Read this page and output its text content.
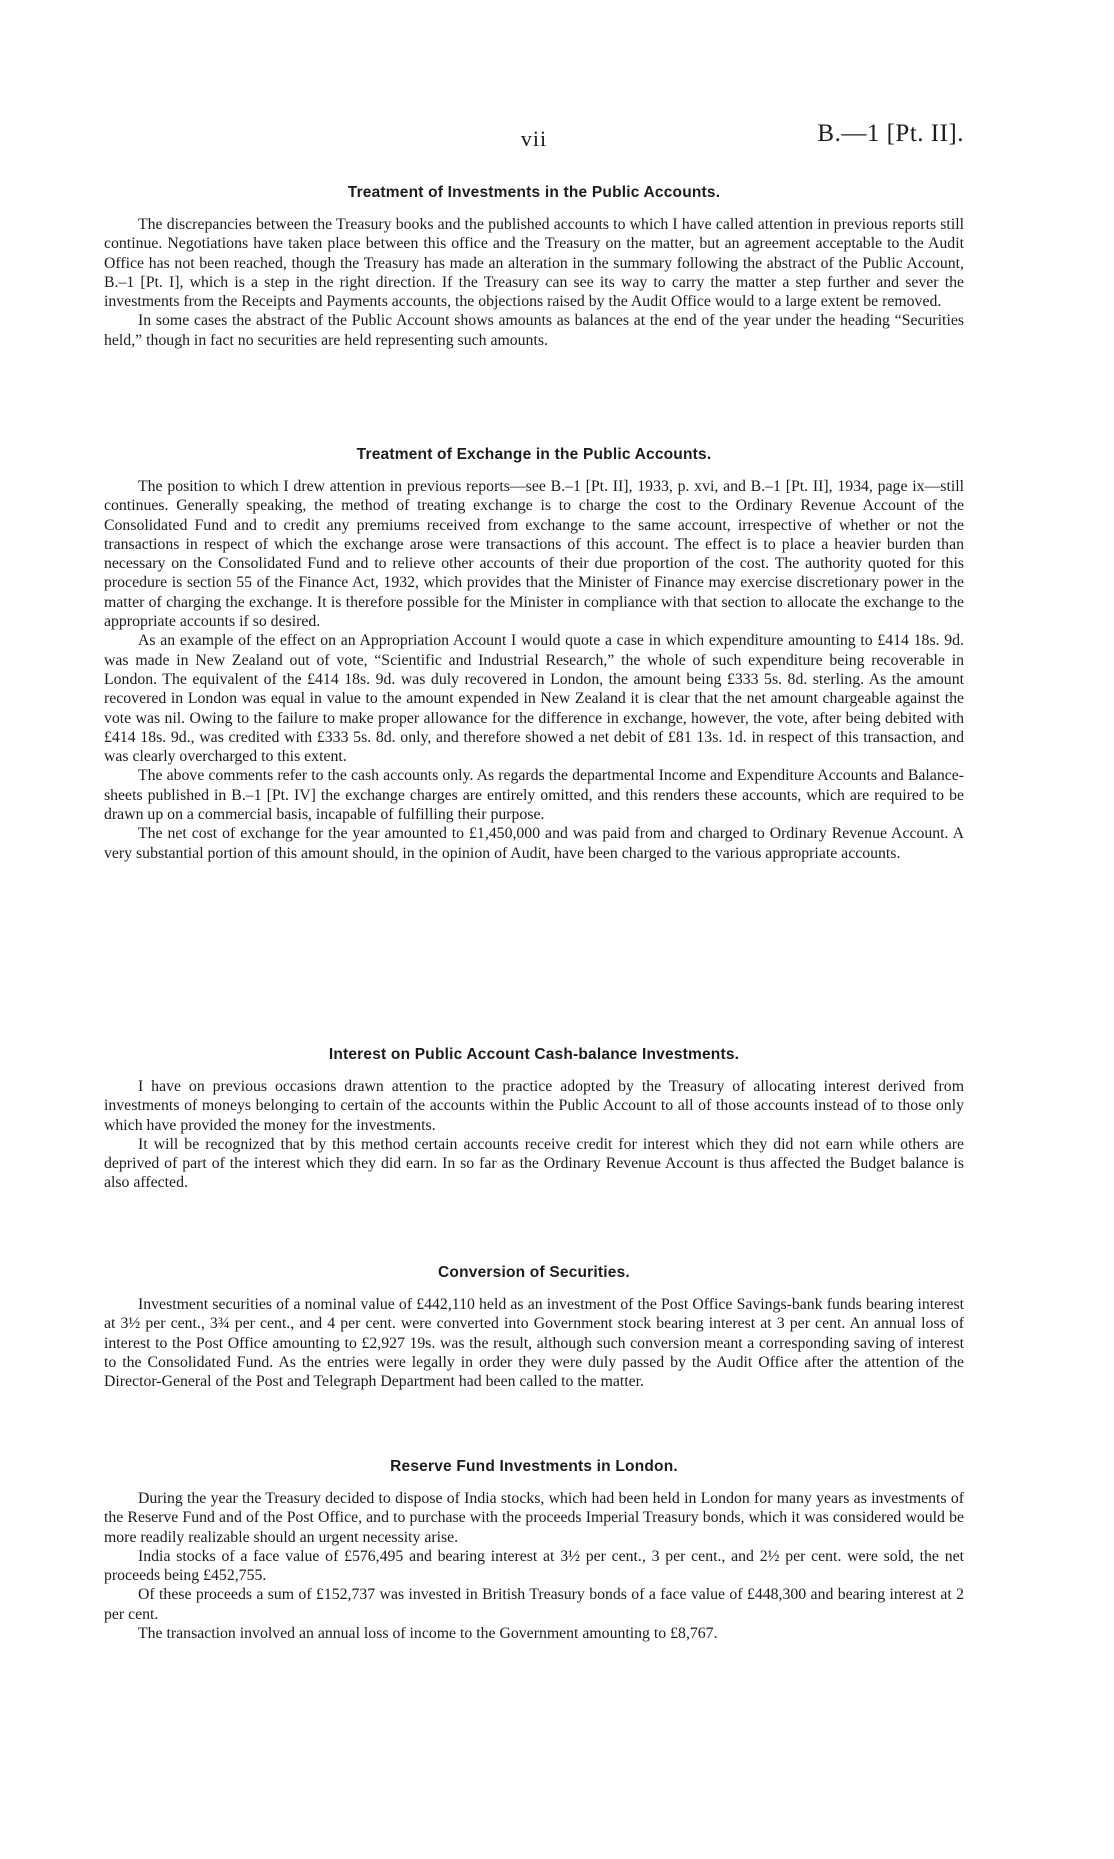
vii	B.—1 [Pt. II].
Treatment of Investments in the Public Accounts.

The discrepancies between the Treasury books and the published accounts to which I have called attention in previous reports still continue. Negotiations have taken place between this office and the Treasury on the matter, but an agreement acceptable to the Audit Office has not been reached, though the Treasury has made an alteration in the summary following the abstract of the Public Account, B.–1 [Pt. I], which is a step in the right direction. If the Treasury can see its way to carry the matter a step further and sever the investments from the Receipts and Payments accounts, the objections raised by the Audit Office would to a large extent be removed.

In some cases the abstract of the Public Account shows amounts as balances at the end of the year under the heading “Securities held,” though in fact no securities are held representing such amounts.

Treatment of Exchange in the Public Accounts.

The position to which I drew attention in previous reports—see B.–1 [Pt. II], 1933, p. xvi, and B.–1 [Pt. II], 1934, page ix—still continues. Generally speaking, the method of treating exchange is to charge the cost to the Ordinary Revenue Account of the Consolidated Fund and to credit any premiums received from exchange to the same account, irrespective of whether or not the transactions in respect of which the exchange arose were transactions of this account. The effect is to place a heavier burden than necessary on the Consolidated Fund and to relieve other accounts of their due proportion of the cost. The authority quoted for this procedure is section 55 of the Finance Act, 1932, which provides that the Minister of Finance may exercise discretionary power in the matter of charging the exchange. It is therefore possible for the Minister in compliance with that section to allocate the exchange to the appropriate accounts if so desired.

As an example of the effect on an Appropriation Account I would quote a case in which expenditure amounting to £414 18s. 9d. was made in New Zealand out of vote, “Scientific and Industrial Research,” the whole of such expenditure being recoverable in London. The equivalent of the £414 18s. 9d. was duly recovered in London, the amount being £333 5s. 8d. sterling. As the amount recovered in London was equal in value to the amount expended in New Zealand it is clear that the net amount chargeable against the vote was nil. Owing to the failure to make proper allowance for the difference in exchange, however, the vote, after being debited with £414 18s. 9d., was credited with £333 5s. 8d. only, and therefore showed a net debit of £81 13s. 1d. in respect of this transaction, and was clearly overcharged to this extent.

The above comments refer to the cash accounts only. As regards the departmental Income and Expenditure Accounts and Balance-sheets published in B.–1 [Pt. IV] the exchange charges are entirely omitted, and this renders these accounts, which are required to be drawn up on a commercial basis, incapable of fulfilling their purpose.

The net cost of exchange for the year amounted to £1,450,000 and was paid from and charged to Ordinary Revenue Account. A very substantial portion of this amount should, in the opinion of Audit, have been charged to the various appropriate accounts.

Interest on Public Account Cash-balance Investments.

I have on previous occasions drawn attention to the practice adopted by the Treasury of allocating interest derived from investments of moneys belonging to certain of the accounts within the Public Account to all of those accounts instead of to those only which have provided the money for the investments.

It will be recognized that by this method certain accounts receive credit for interest which they did not earn while others are deprived of part of the interest which they did earn. In so far as the Ordinary Revenue Account is thus affected the Budget balance is also affected.

Conversion of Securities.

Investment securities of a nominal value of £442,110 held as an investment of the Post Office Savings-bank funds bearing interest at 3½ per cent., 3¾ per cent., and 4 per cent. were converted into Government stock bearing interest at 3 per cent. An annual loss of interest to the Post Office amounting to £2,927 19s. was the result, although such conversion meant a corresponding saving of interest to the Consolidated Fund. As the entries were legally in order they were duly passed by the Audit Office after the attention of the Director-General of the Post and Telegraph Department had been called to the matter.

Reserve Fund Investments in London.

During the year the Treasury decided to dispose of India stocks, which had been held in London for many years as investments of the Reserve Fund and of the Post Office, and to purchase with the proceeds Imperial Treasury bonds, which it was considered would be more readily realizable should an urgent necessity arise.

India stocks of a face value of £576,495 and bearing interest at 3½ per cent., 3 per cent., and 2½ per cent. were sold, the net proceeds being £452,755.

Of these proceeds a sum of £152,737 was invested in British Treasury bonds of a face value of £448,300 and bearing interest at 2 per cent.

The transaction involved an annual loss of income to the Government amounting to £8,767.
